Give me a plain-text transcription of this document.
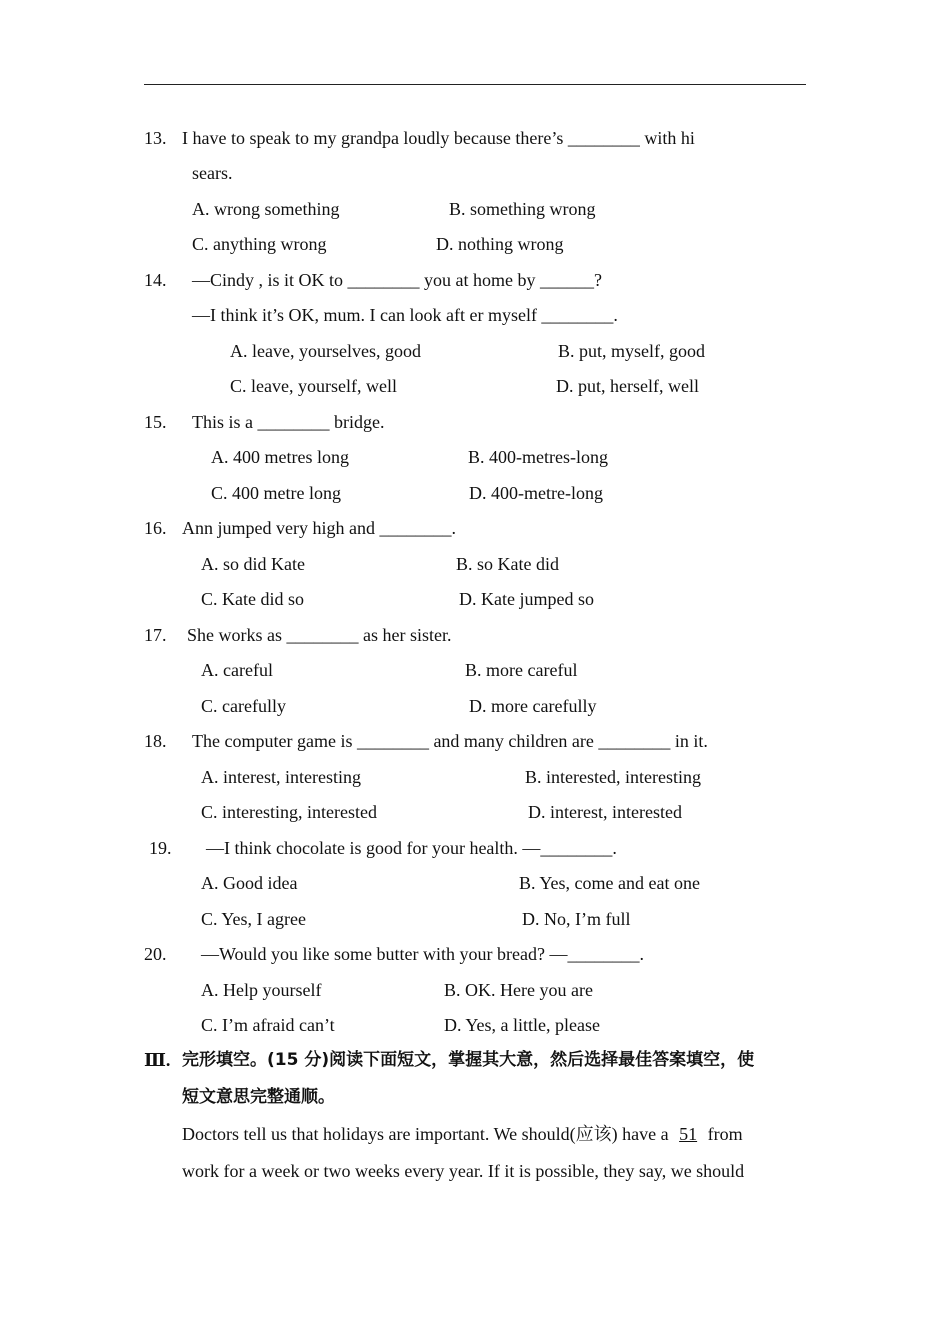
13. I have to speak to my grandpa loudly because there’s ________ with hi
sears.
A. wrong something	B. something wrong
C. anything wrong	D. nothing wrong
14. —Cindy , is it OK to ________ you at home by ______?
—I think it’s OK, mum. I can look aft er myself ________.
A. leave, yourselves, good	B. put, myself, good
C. leave, yourself, well	D. put, herself, well
15. This is a ________ bridge.
A. 400 metres long	B. 400-metres-long
C. 400 metre long	D. 400-metre-long
16. Ann jumped very high and ________.
A. so did Kate	B. so Kate did
C. Kate did so	D. Kate jumped so
17. She works as ________ as her sister.
A. careful	B. more careful
C. carefully	D. more carefully
18. The computer game is ________ and many children are ________ in it.
A. interest, interesting	B. interested, interesting
C. interesting, interested	D. interest, interested
19. —I think chocolate is good for your health. —________.
A. Good idea	B. Yes, come and eat one
C. Yes, I agree	D. No, I’m full
20. —Would you like some butter with your bread? —________.
A. Help yourself	B. OK. Here you are
C. I’m afraid can’t	D. Yes, a little, please
Ⅲ. 完形填空。(15 分)阅读下面短文，掌握其大意，然后选择最佳答案填空，使
短文意思完整通顺。
Doctors tell us that holidays are important. We should(应该) have a 51 from
work for a week or two weeks every year. If it is possible, they say, we should
